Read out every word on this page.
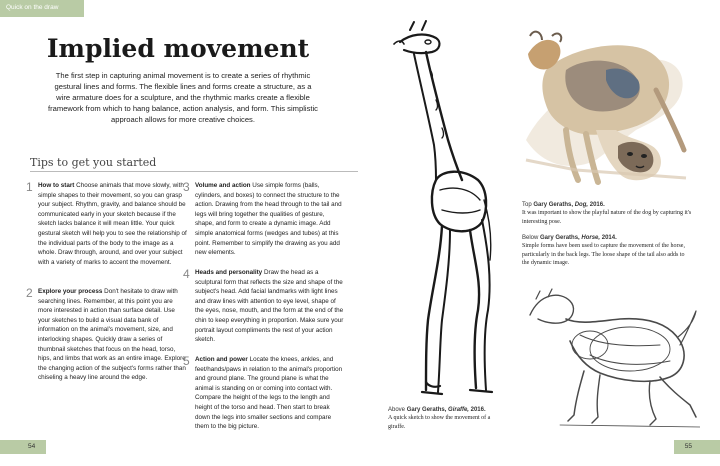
Quick on the draw
Implied movement
The first step in capturing animal movement is to create a series of rhythmic gestural lines and forms. The flexible lines and forms create a structure, as a wire armature does for a sculpture, and the rhythmic marks create a flexible framework from which to hang balance, action analysis, and form. This simplistic approach allows for more creative choices.
Tips to get you started
1 How to start Choose animals that move slowly, with simple shapes to their movement, so you can grasp your subject. Rhythm, gravity, and balance should be communicated early in your sketch because if the sketch lacks balance it will mean little. Your quick gestural sketch will help you to see the relationship of the individual parts of the body to the image as a whole. Draw through, around, and over your subject with a variety of marks to accent the movement.

2 Explore your process Don't hesitate to draw with searching lines. Remember, at this point you are more interested in action than surface detail. Use your sketches to build a visual data bank of information on the animal's movement, size, and interlocking shapes. Quickly draw a series of thumbnail sketches that focus on the head, torso, hips, and limbs that work as an entire image. Explore the changing action of the subject's forms rather than chiseling a heavy line around the edge.

3 Volume and action Use simple forms (balls, cylinders, and boxes) to connect the structure to the action. Drawing from the head through to the tail and legs will bring together the qualities of gesture, shape, and form to create a dynamic image. Add simple anatomical forms (wedges and tubes) at this point. Remember to simplify the drawing as you add new elements.

4 Heads and personality Draw the head as a sculptural form that reflects the size and shape of the subject's head. Add facial landmarks with light lines and draw lines with attention to eye level, shape of the eyes, nose, mouth, and the form at the end of the chin to keep everything in proportion. Make sure your portrait layout compliments the rest of your action sketch.

5 Action and power Locate the knees, ankles, and feet/hands/paws in relation to the animal's proportion and ground plane. The ground plane is what the animal is standing on or coming into contact with. Compare the height of the legs to the length and height of the torso and head. Then start to break down the legs into smaller sections and compare them to the big picture.

Top Gary Geraths, Dog, 2016.
It was important to show the playful nature of the dog by capturing it's interesting pose.
Below Gary Geraths, Horse, 2014.
Simple forms have been used to capture the movement of the horse, particularly in the back legs. The loose shape of the tail also adds to the dynamic image.
Above Gary Geraths, Giraffe, 2016.
A quick sketch to show the movement of a giraffe.
54	55
